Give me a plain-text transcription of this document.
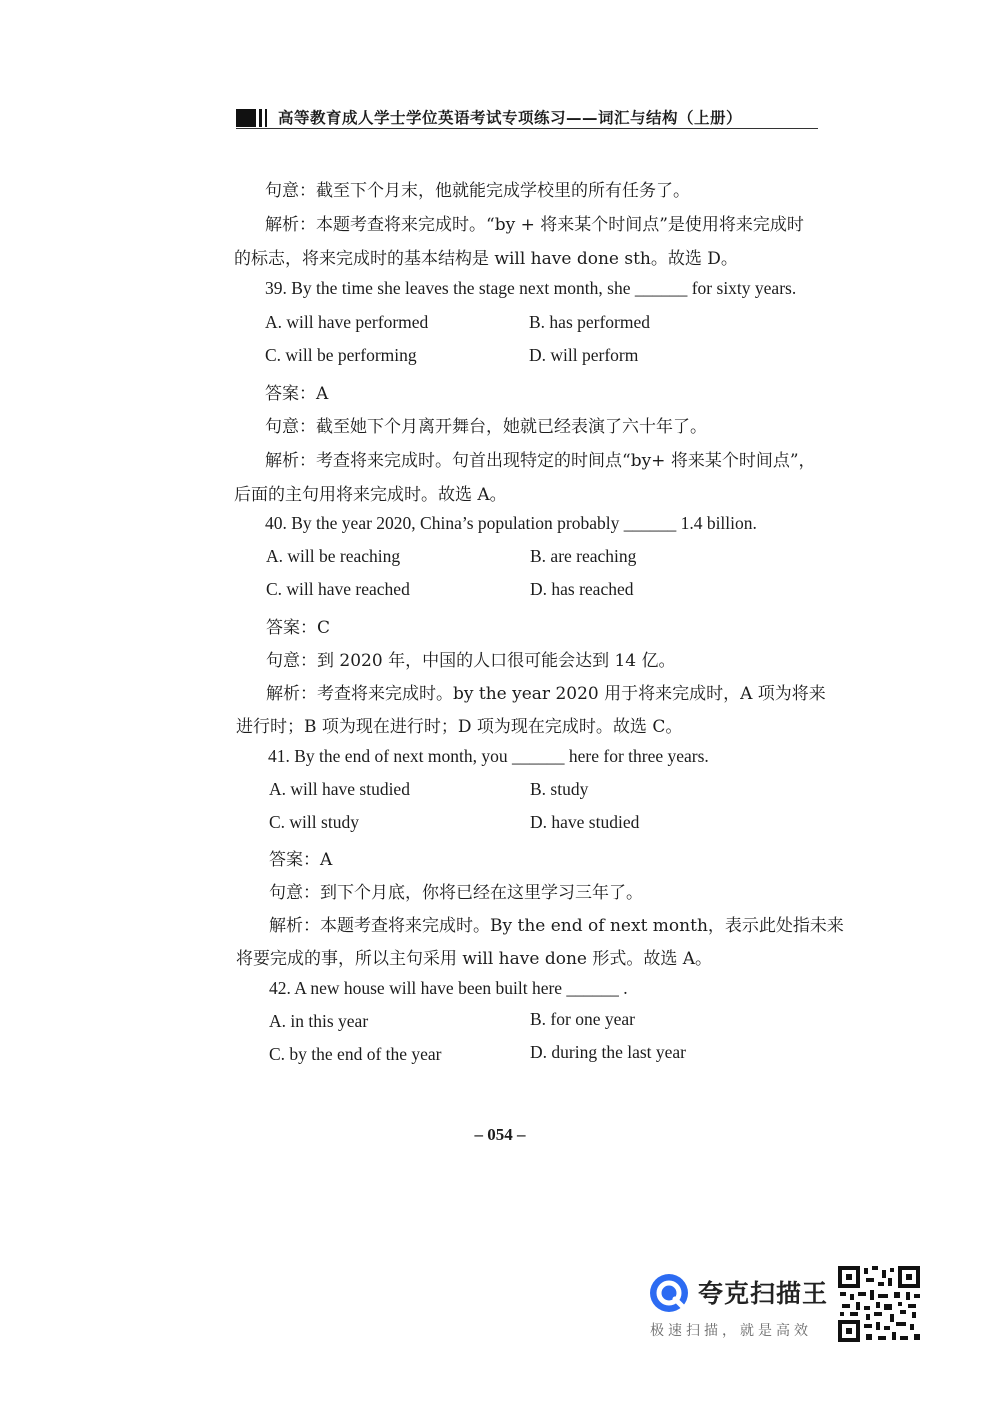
高等教育成人学士学位英语考试专项练习——词汇与结构（上册）
句意：截至下个月末，他就能完成学校里的所有任务了。
解析：本题考查将来完成时。“by + 将来某个时间点”是使用将来完成时
的标志，将来完成时的基本结构是 will have done sth。故选 D。
39. By the time she leaves the stage next month, she ______ for sixty years.
A. will have performed	B. has performed
C. will be performing	D. will perform
答案：A
句意：截至她下个月离开舞台，她就已经表演了六十年了。
解析：考查将来完成时。句首出现特定的时间点“by+ 将来某个时间点”，
后面的主句用将来完成时。故选 A。
40. By the year 2020, China’s population probably ______ 1.4 billion.
A. will be reaching	B. are reaching
C. will have reached	D. has reached
答案：C
句意：到 2020 年，中国的人口很可能会达到 14 亿。
解析：考查将来完成时。by the year 2020 用于将来完成时，A 项为将来
进行时；B 项为现在进行时；D 项为现在完成时。故选 C。
41. By the end of next month, you ______ here for three years.
A. will have studied	B. study
C. will study	D. have studied
答案：A
句意：到下个月底，你将已经在这里学习三年了。
解析：本题考查将来完成时。By the end of next month，表示此处指未来
将要完成的事，所以主句采用 will have done 形式。故选 A。
42. A new house will have been built here ______ .
A. in this year	B. for one year
C. by the end of the year	D. during the last year
– 054 –
夸克扫描王
极速扫描，就是高效
